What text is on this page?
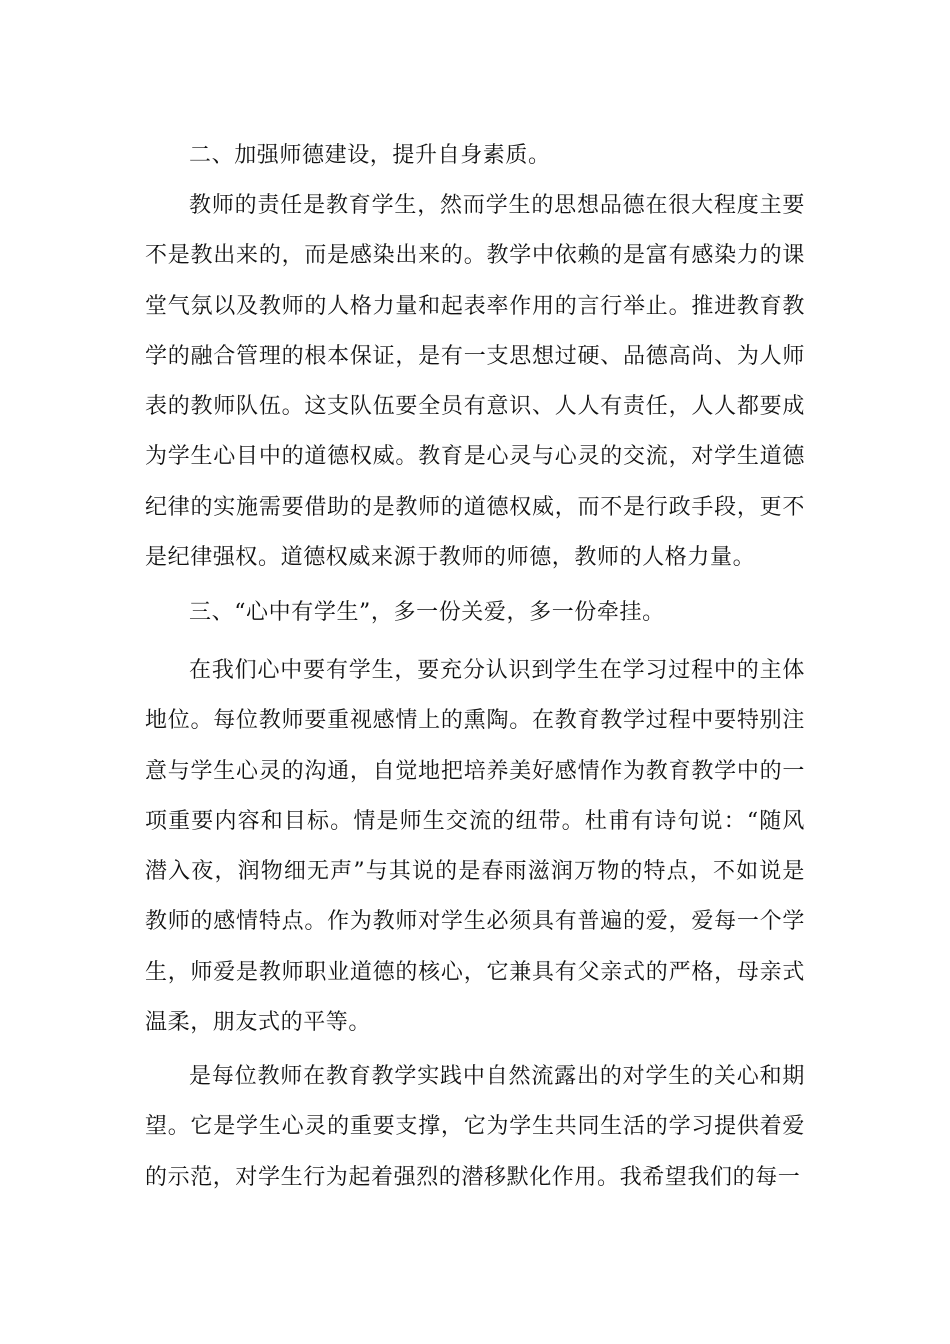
二、加强师德建设，提升自身素质。

教师的责任是教育学生，然而学生的思想品德在很大程度主要不是教出来的，而是感染出来的。教学中依赖的是富有感染力的课堂气氛以及教师的人格力量和起表率作用的言行举止。推进教育教学的融合管理的根本保证，是有一支思想过硬、品德高尚、为人师表的教师队伍。这支队伍要全员有意识、人人有责任，人人都要成为学生心目中的道德权威。教育是心灵与心灵的交流，对学生道德纪律的实施需要借助的是教师的道德权威，而不是行政手段，更不是纪律强权。道德权威来源于教师的师德，教师的人格力量。

三、“心中有学生”，多一份关爱，多一份牵挂。

在我们心中要有学生，要充分认识到学生在学习过程中的主体地位。每位教师要重视感情上的熏陶。在教育教学过程中要特别注意与学生心灵的沟通，自觉地把培养美好感情作为教育教学中的一项重要内容和目标。情是师生交流的纽带。杜甫有诗句说：“随风潜入夜，润物细无声”与其说的是春雨滋润万物的特点，不如说是教师的感情特点。作为教师对学生必须具有普遍的爱，爱每一个学生，师爱是教师职业道德的核心，它兼具有父亲式的严格，母亲式温柔，朋友式的平等。

是每位教师在教育教学实践中自然流露出的对学生的关心和期望。它是学生心灵的重要支撑，它为学生共同生活的学习提供着爱的示范，对学生行为起着强烈的潜移默化作用。我希望我们的每一
